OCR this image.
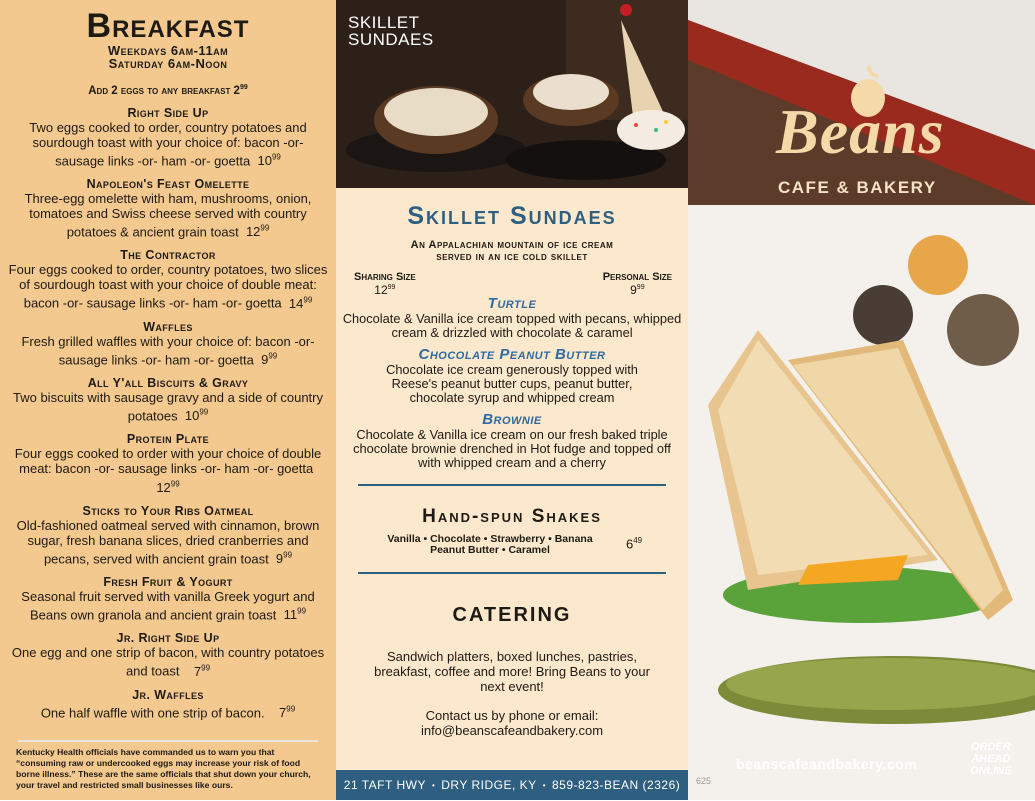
Breakfast
Weekdays 6am-11am
Saturday 6am-Noon
Add 2 eggs to any breakfast $2^{99}$
Right Side Up
Two eggs cooked to order, country potatoes and sourdough toast with your choice of: bacon -or- sausage links -or- ham -or- goetta $10^{99}$
Napoleon's Feast Omelette
Three-egg omelette with ham, mushrooms, onion, tomatoes and Swiss cheese served with country potatoes & ancient grain toast $12^{99}$
The Contractor
Four eggs cooked to order, country potatoes, two slices of sourdough toast with your choice of double meat: bacon -or- sausage links -or- ham -or- goetta $14^{99}$
Waffles
Fresh grilled waffles with your choice of: bacon -or- sausage links -or- ham -or- goetta $9^{99}$
All Y'all Biscuits & Gravy
Two biscuits with sausage gravy and a side of country potatoes $10^{99}$
Protein Plate
Four eggs cooked to order with your choice of double meat: bacon -or- sausage links -or- ham -or- goetta  $12^{99}$
Sticks to Your Ribs Oatmeal
Old-fashioned oatmeal served with cinnamon, brown sugar, fresh banana slices, dried cranberries and pecans, served with ancient grain toast $9^{99}$
Fresh Fruit & Yogurt
Seasonal fruit served with vanilla Greek yogurt and Beans own granola and ancient grain toast $11^{99}$
Jr. Right Side Up
One egg and one strip of bacon, with country potatoes and toast $7^{99}$
Jr. Waffles
One half waffle with one strip of bacon. $7^{99}$
Kentucky Health officials have commanded us to warn you that “consuming raw or undercooked eggs may increase your risk of food borne illness.” These are the same officials that shut down your church, your travel and restricted small businesses like ours.
SKILLET
SUNDAES
Skillet Sundaes
An Appalachian mountain of ice cream
served in an ice cold skillet
Sharing Size
$12^{99}$
Personal Size
$9^{99}$
Turtle
Chocolate & Vanilla ice cream topped with pecans, whipped cream & drizzled with chocolate & caramel
Chocolate Peanut Butter
Chocolate ice cream generously topped with Reese's peanut butter cups, peanut butter, chocolate syrup and whipped cream
Brownie
Chocolate & Vanilla ice cream on our fresh baked triple chocolate brownie drenched in Hot fudge and topped off with whipped cream and a cherry
Hand-spun Shakes
Vanilla • Chocolate • Strawberry • Banana
Peanut Butter • Caramel	$6^{49}$
CATERING
Sandwich platters, boxed lunches, pastries, breakfast, coffee and more! Bring Beans to your next event!
Contact us by phone or email:
info@beanscafeandbakery.com
21 TAFT HWY • DRY RIDGE, KY • 859-823-BEAN (2326)
Beans
CAFE & BAKERY
beanscafeandbakery.com
ORDER
AHEAD
ONLINE
625
